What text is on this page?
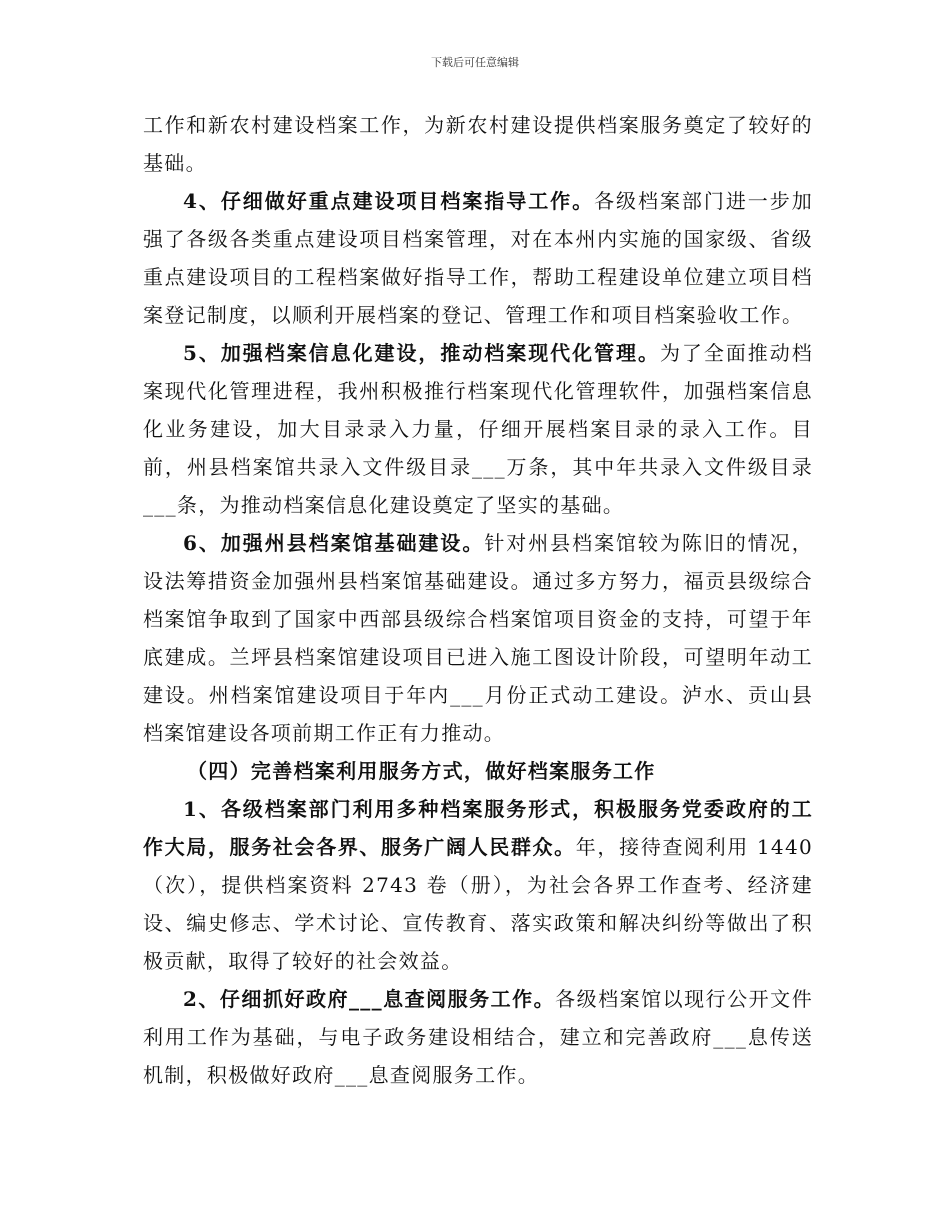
下载后可任意编辑

工作和新农村建设档案工作，为新农村建设提供档案服务奠定了较好的基础。

4、仔细做好重点建设项目档案指导工作。各级档案部门进一步加强了各级各类重点建设项目档案管理，对在本州内实施的国家级、省级重点建设项目的工程档案做好指导工作，帮助工程建设单位建立项目档案登记制度，以顺利开展档案的登记、管理工作和项目档案验收工作。

5、加强档案信息化建设，推动档案现代化管理。为了全面推动档案现代化管理进程，我州积极推行档案现代化管理软件，加强档案信息化业务建设，加大目录录入力量，仔细开展档案目录的录入工作。目前，州县档案馆共录入文件级目录___万条，其中年共录入文件级目录___条，为推动档案信息化建设奠定了坚实的基础。

6、加强州县档案馆基础建设。针对州县档案馆较为陈旧的情况，设法筹措资金加强州县档案馆基础建设。通过多方努力，福贡县级综合档案馆争取到了国家中西部县级综合档案馆项目资金的支持，可望于年底建成。兰坪县档案馆建设项目已进入施工图设计阶段，可望明年动工建设。州档案馆建设项目于年内___月份正式动工建设。泸水、贡山县档案馆建设各项前期工作正有力推动。

（四）完善档案利用服务方式，做好档案服务工作

1、各级档案部门利用多种档案服务形式，积极服务党委政府的工作大局，服务社会各界、服务广阔人民群众。年，接待查阅利用 1440（次），提供档案资料 2743 卷（册），为社会各界工作查考、经济建设、编史修志、学术讨论、宣传教育、落实政策和解决纠纷等做出了积极贡献，取得了较好的社会效益。

2、仔细抓好政府___息查阅服务工作。各级档案馆以现行公开文件利用工作为基础，与电子政务建设相结合，建立和完善政府___息传送机制，积极做好政府___息查阅服务工作。
